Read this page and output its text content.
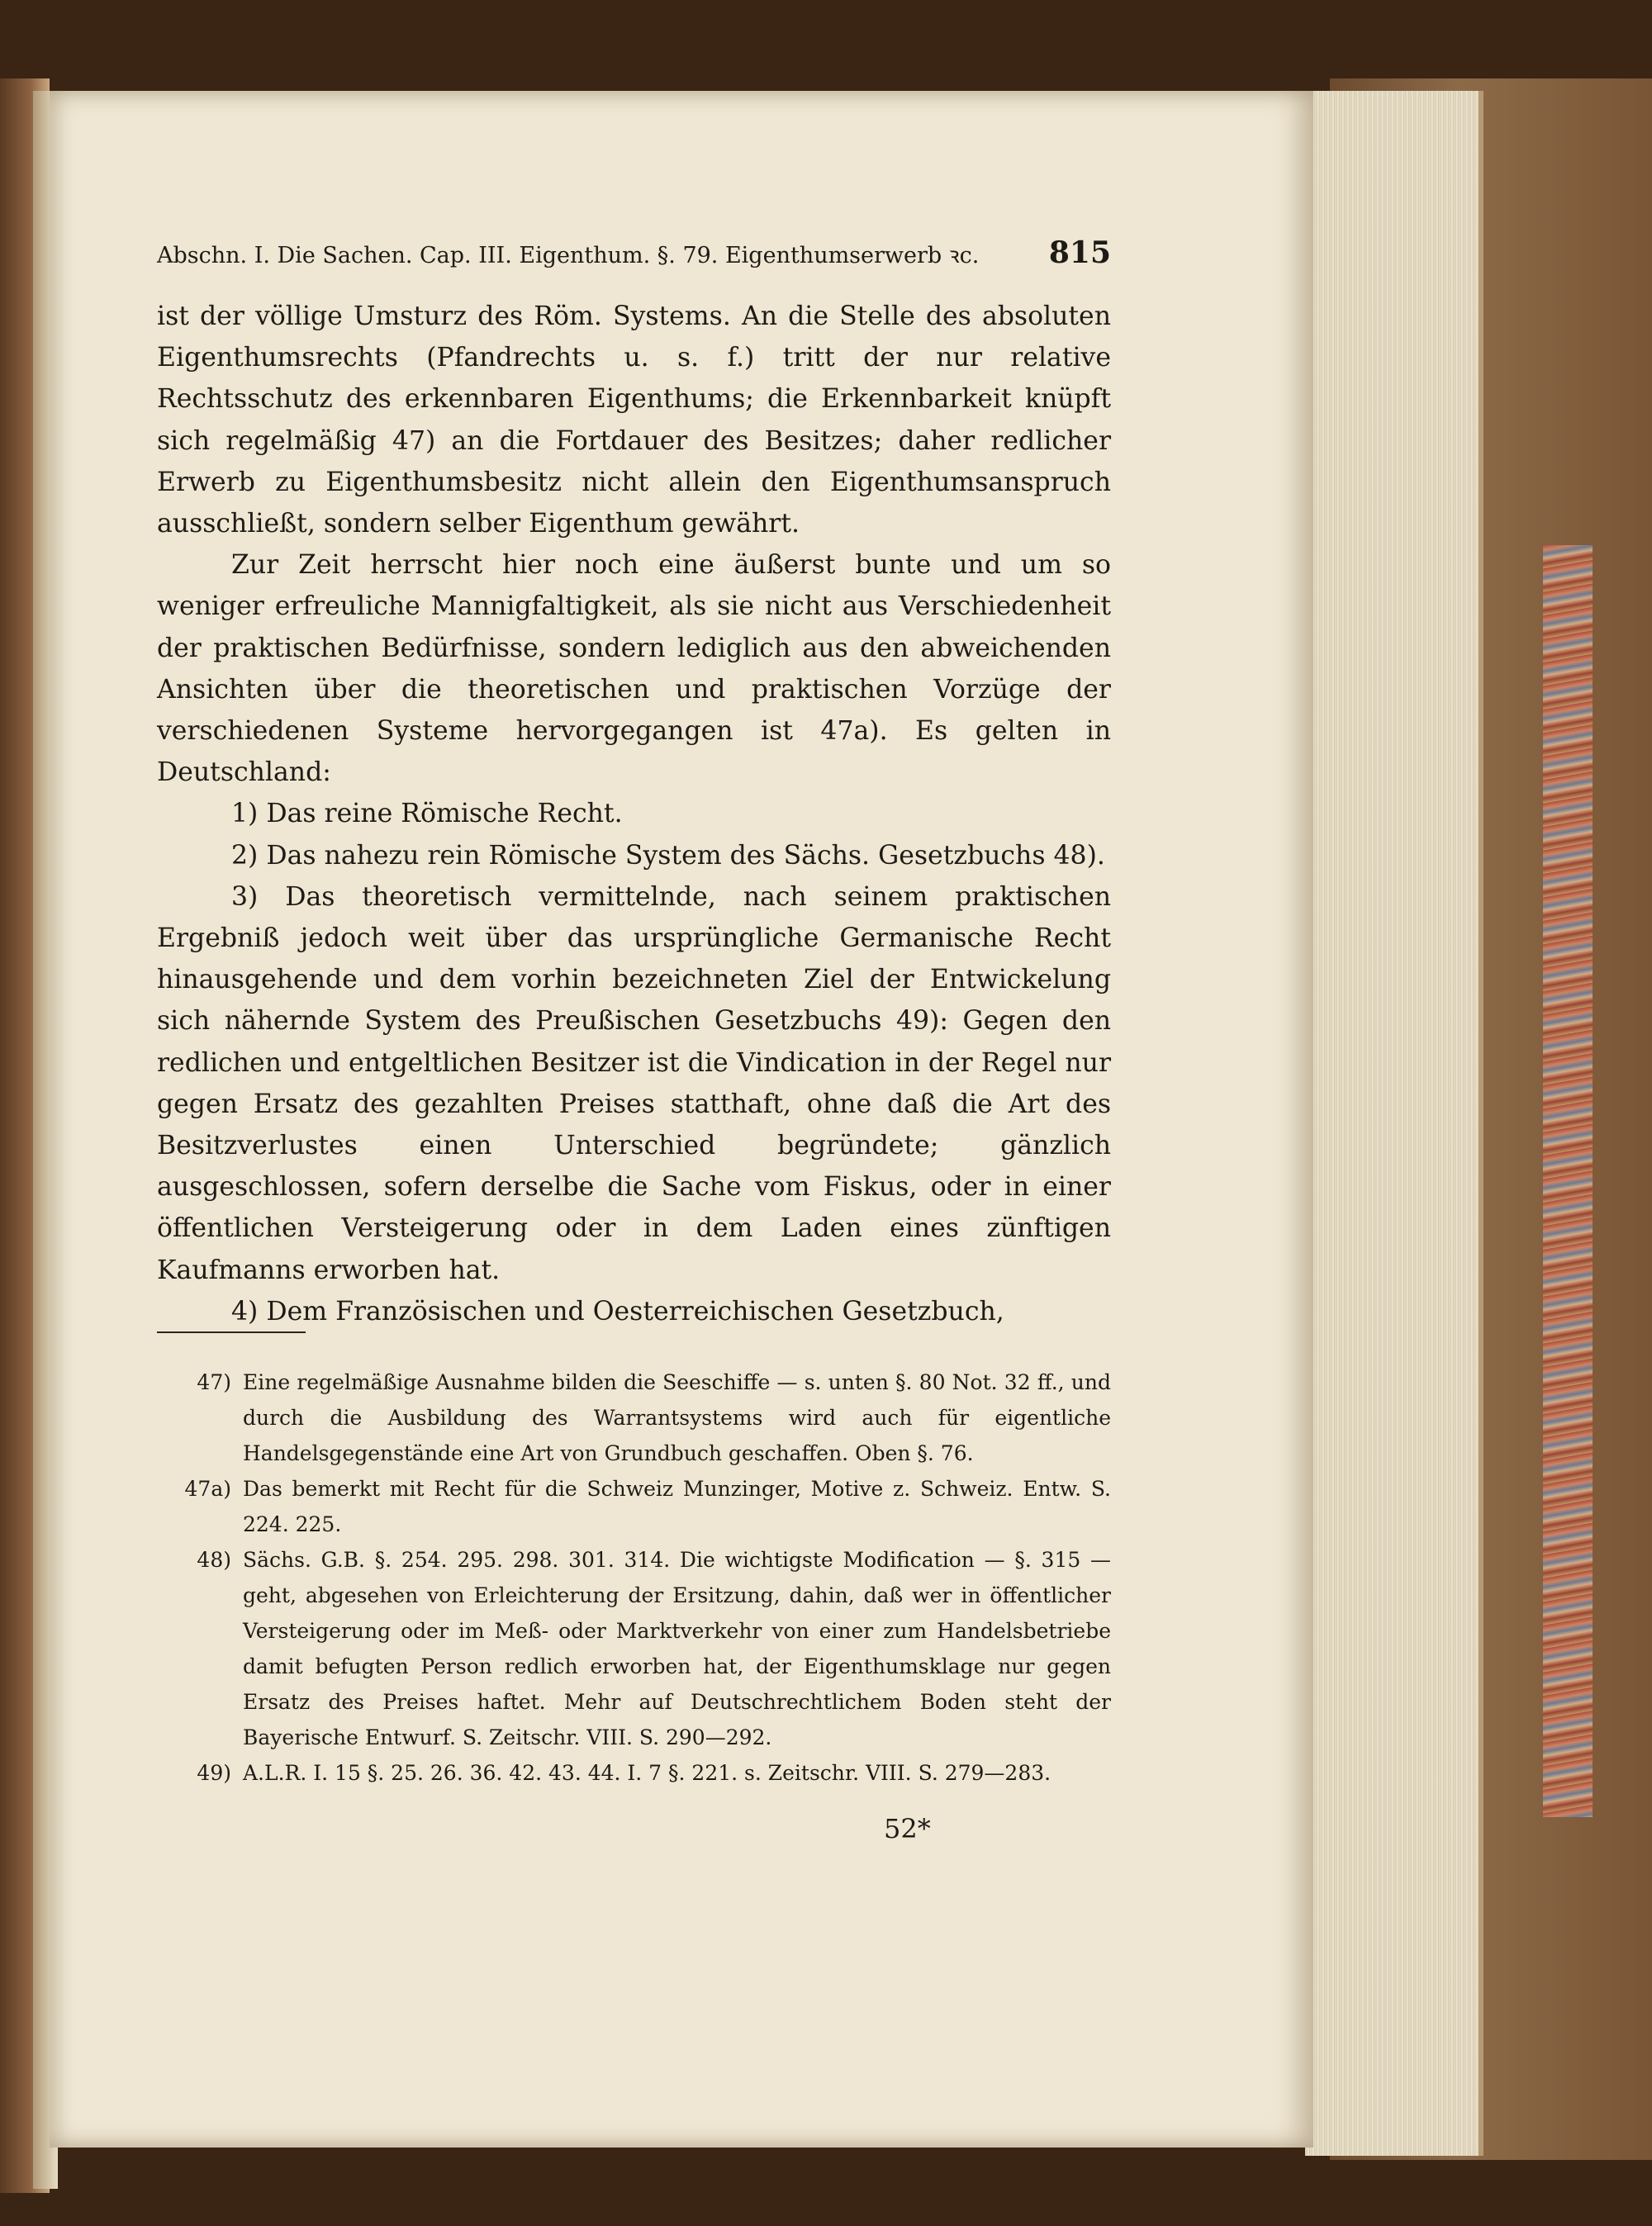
Abschn. I. Die Sachen. Cap. III. Eigenthum. §. 79. Eigenthumserwerb ꝛc. 815

ist der völlige Umsturz des Röm. Systems. An die Stelle des absoluten Eigenthumsrechts (Pfandrechts u. s. f.) tritt der nur relative Rechtsschutz des erkennbaren Eigenthums; die Erkennbarkeit knüpft sich regelmäßig 47) an die Fortdauer des Besitzes; daher redlicher Erwerb zu Eigenthumsbesitz nicht allein den Eigenthumsanspruch ausschließt, sondern selber Eigenthum gewährt.

Zur Zeit herrscht hier noch eine äußerst bunte und um so weniger erfreuliche Mannigfaltigkeit, als sie nicht aus Verschiedenheit der praktischen Bedürfnisse, sondern lediglich aus den abweichenden Ansichten über die theoretischen und praktischen Vorzüge der verschiedenen Systeme hervorgegangen ist 47a). Es gelten in Deutschland:

1) Das reine Römische Recht.

2) Das nahezu rein Römische System des Sächs. Gesetzbuchs 48).

3) Das theoretisch vermittelnde, nach seinem praktischen Ergebniß jedoch weit über das ursprüngliche Germanische Recht hinausgehende und dem vorhin bezeichneten Ziel der Entwickelung sich nähernde System des Preußischen Gesetzbuchs 49): Gegen den redlichen und entgeltlichen Besitzer ist die Vindication in der Regel nur gegen Ersatz des gezahlten Preises statthaft, ohne daß die Art des Besitzverlustes einen Unterschied begründete; gänzlich ausgeschlossen, sofern derselbe die Sache vom Fiskus, oder in einer öffentlichen Versteigerung oder in dem Laden eines zünftigen Kaufmanns erworben hat.

4) Dem Französischen und Oesterreichischen Gesetzbuch,

47) Eine regelmäßige Ausnahme bilden die Seeschiffe — s. unten §. 80 Not. 32 ff., und durch die Ausbildung des Warrantsystems wird auch für eigentliche Handelsgegenstände eine Art von Grundbuch geschaffen. Oben §. 76.
47a) Das bemerkt mit Recht für die Schweiz Munzinger, Motive z. Schweiz. Entw. S. 224. 225.
48) Sächs. G.B. §. 254. 295. 298. 301. 314. Die wichtigste Modification — §. 315 — geht, abgesehen von Erleichterung der Ersitzung, dahin, daß wer in öffentlicher Versteigerung oder im Meß- oder Marktverkehr von einer zum Handelsbetriebe damit befugten Person redlich erworben hat, der Eigenthumsklage nur gegen Ersatz des Preises haftet. Mehr auf Deutschrechtlichem Boden steht der Bayerische Entwurf. S. Zeitschr. VIII. S. 290—292.
49) A.L.R. I. 15 §. 25. 26. 36. 42. 43. 44. I. 7 §. 221. s. Zeitschr. VIII. S. 279—283.
52*
